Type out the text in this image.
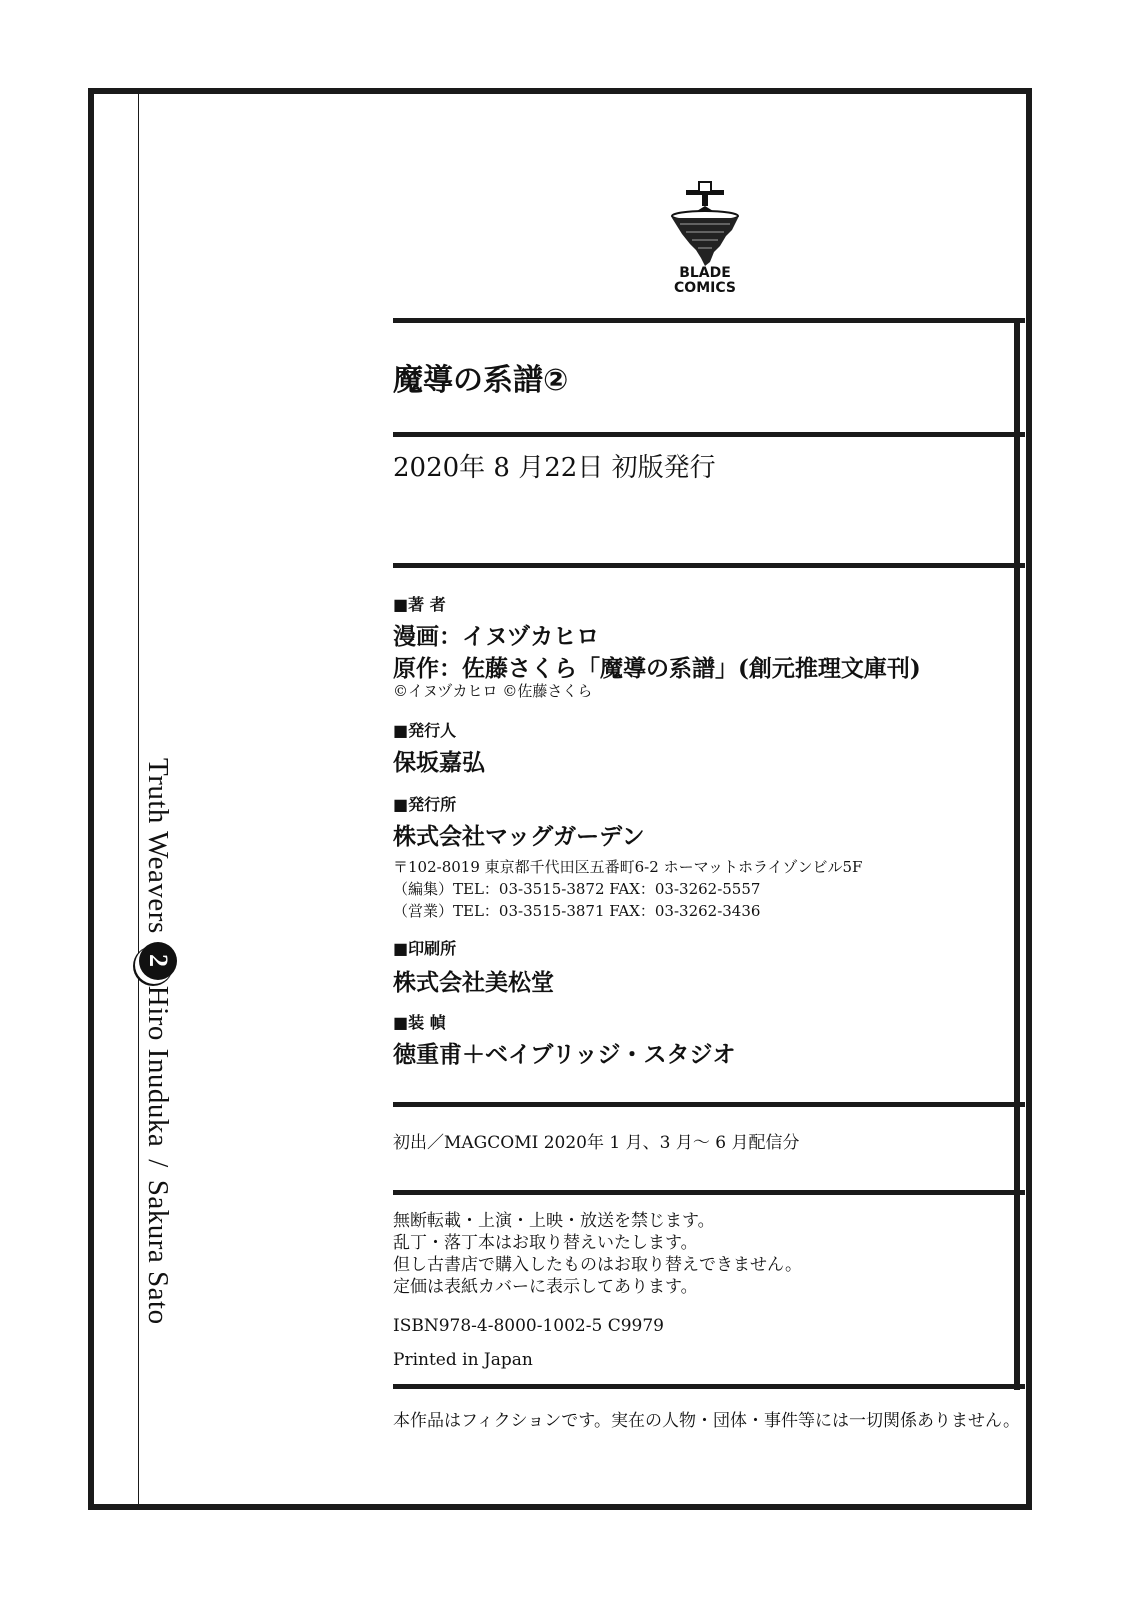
Truth Weavers
2
Hiro Inuduka
/
Sakura Sato
BLADE
COMICS
魔導の系譜②
2020年 8 月22日 初版発行
■著 者
漫画：イヌヅカヒロ
原作：佐藤さくら「魔導の系譜」(創元推理文庫刊)
©イヌヅカヒロ ©佐藤さくら
■発行人
保坂嘉弘
■発行所
株式会社マッグガーデン
〒102-8019 東京都千代田区五番町6-2 ホーマットホライゾンビル5F
（編集）TEL：03-3515-3872 FAX：03-3262-5557
（営業）TEL：03-3515-3871 FAX：03-3262-3436
■印刷所
株式会社美松堂
■装 幀
徳重甫＋ベイブリッジ・スタジオ
初出／MAGCOMI 2020年 1 月、3 月～ 6 月配信分
無断転載・上演・上映・放送を禁じます。
乱丁・落丁本はお取り替えいたします。
但し古書店で購入したものはお取り替えできません。
定価は表紙カバーに表示してあります。
ISBN978-4-8000-1002-5 C9979
Printed in Japan
本作品はフィクションです。実在の人物・団体・事件等には一切関係ありません。
